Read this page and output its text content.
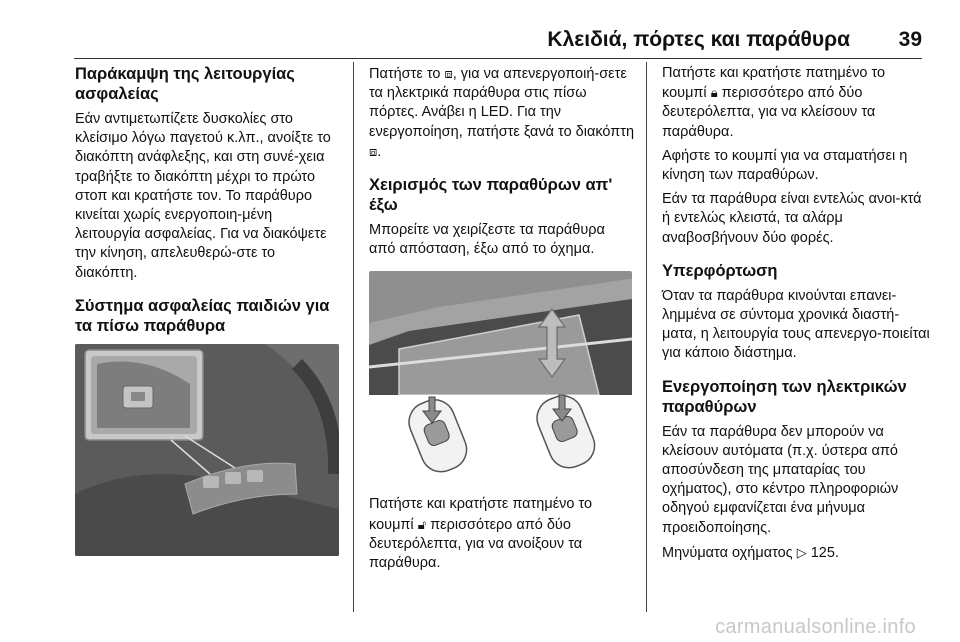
Κλειδιά, πόρτες και παράθυρα 39
Παράκαμψη της λειτουργίας ασφαλείας

Εάν αντιμετωπίζετε δυσκολίες στο κλείσιμο λόγω παγετού κ.λπ., ανοίξτε το διακόπτη ανάφλεξης, και στη συνέ-χεια τραβήξτε το διακόπτη μέχρι το πρώτο στοπ και κρατήστε τον. Το παράθυρο κινείται χωρίς ενεργοποιη-μένη λειτουργία ασφαλείας. Για να διακόψετε την κίνηση, απελευθερώ-στε το διακόπτη.

Σύστημα ασφαλείας παιδιών για τα πίσω παράθυρα

Πατήστε το ⧈, για να απενεργοποιή-σετε τα ηλεκτρικά παράθυρα στις πίσω πόρτες. Ανάβει η LED. Για την ενεργοποίηση, πατήστε ξανά το διακόπτη ⧈.

Χειρισμός των παραθύρων απ' έξω

Μπορείτε να χειρίζεστε τα παράθυρα από απόσταση, έξω από το όχημα.

Πατήστε και κρατήστε πατημένο το κουμπί 🔓︎ περισσότερο από δύο δευτερόλεπτα, για να ανοίξουν τα παράθυρα.

Πατήστε και κρατήστε πατημένο το κουμπί 🔒︎ περισσότερο από δύο δευτερόλεπτα, για να κλείσουν τα παράθυρα.

Αφήστε το κουμπί για να σταματήσει η κίνηση των παραθύρων.

Εάν τα παράθυρα είναι εντελώς ανοι-κτά ή εντελώς κλειστά, τα αλάρμ αναβοσβήνουν δύο φορές.

Υπερφόρτωση

Όταν τα παράθυρα κινούνται επανει-λημμένα σε σύντομα χρονικά διαστή-ματα, η λειτουργία τους απενεργο-ποιείται για κάποιο διάστημα.

Ενεργοποίηση των ηλεκτρικών παραθύρων

Εάν τα παράθυρα δεν μπορούν να κλείσουν αυτόματα (π.χ. ύστερα από αποσύνδεση της μπαταρίας του οχήματος), στο κέντρο πληροφοριών οδηγού εμφανίζεται ένα μήνυμα προειδοποίησης.

Μηνύματα οχήματος ▷ 125.

carmanualsonline.info
